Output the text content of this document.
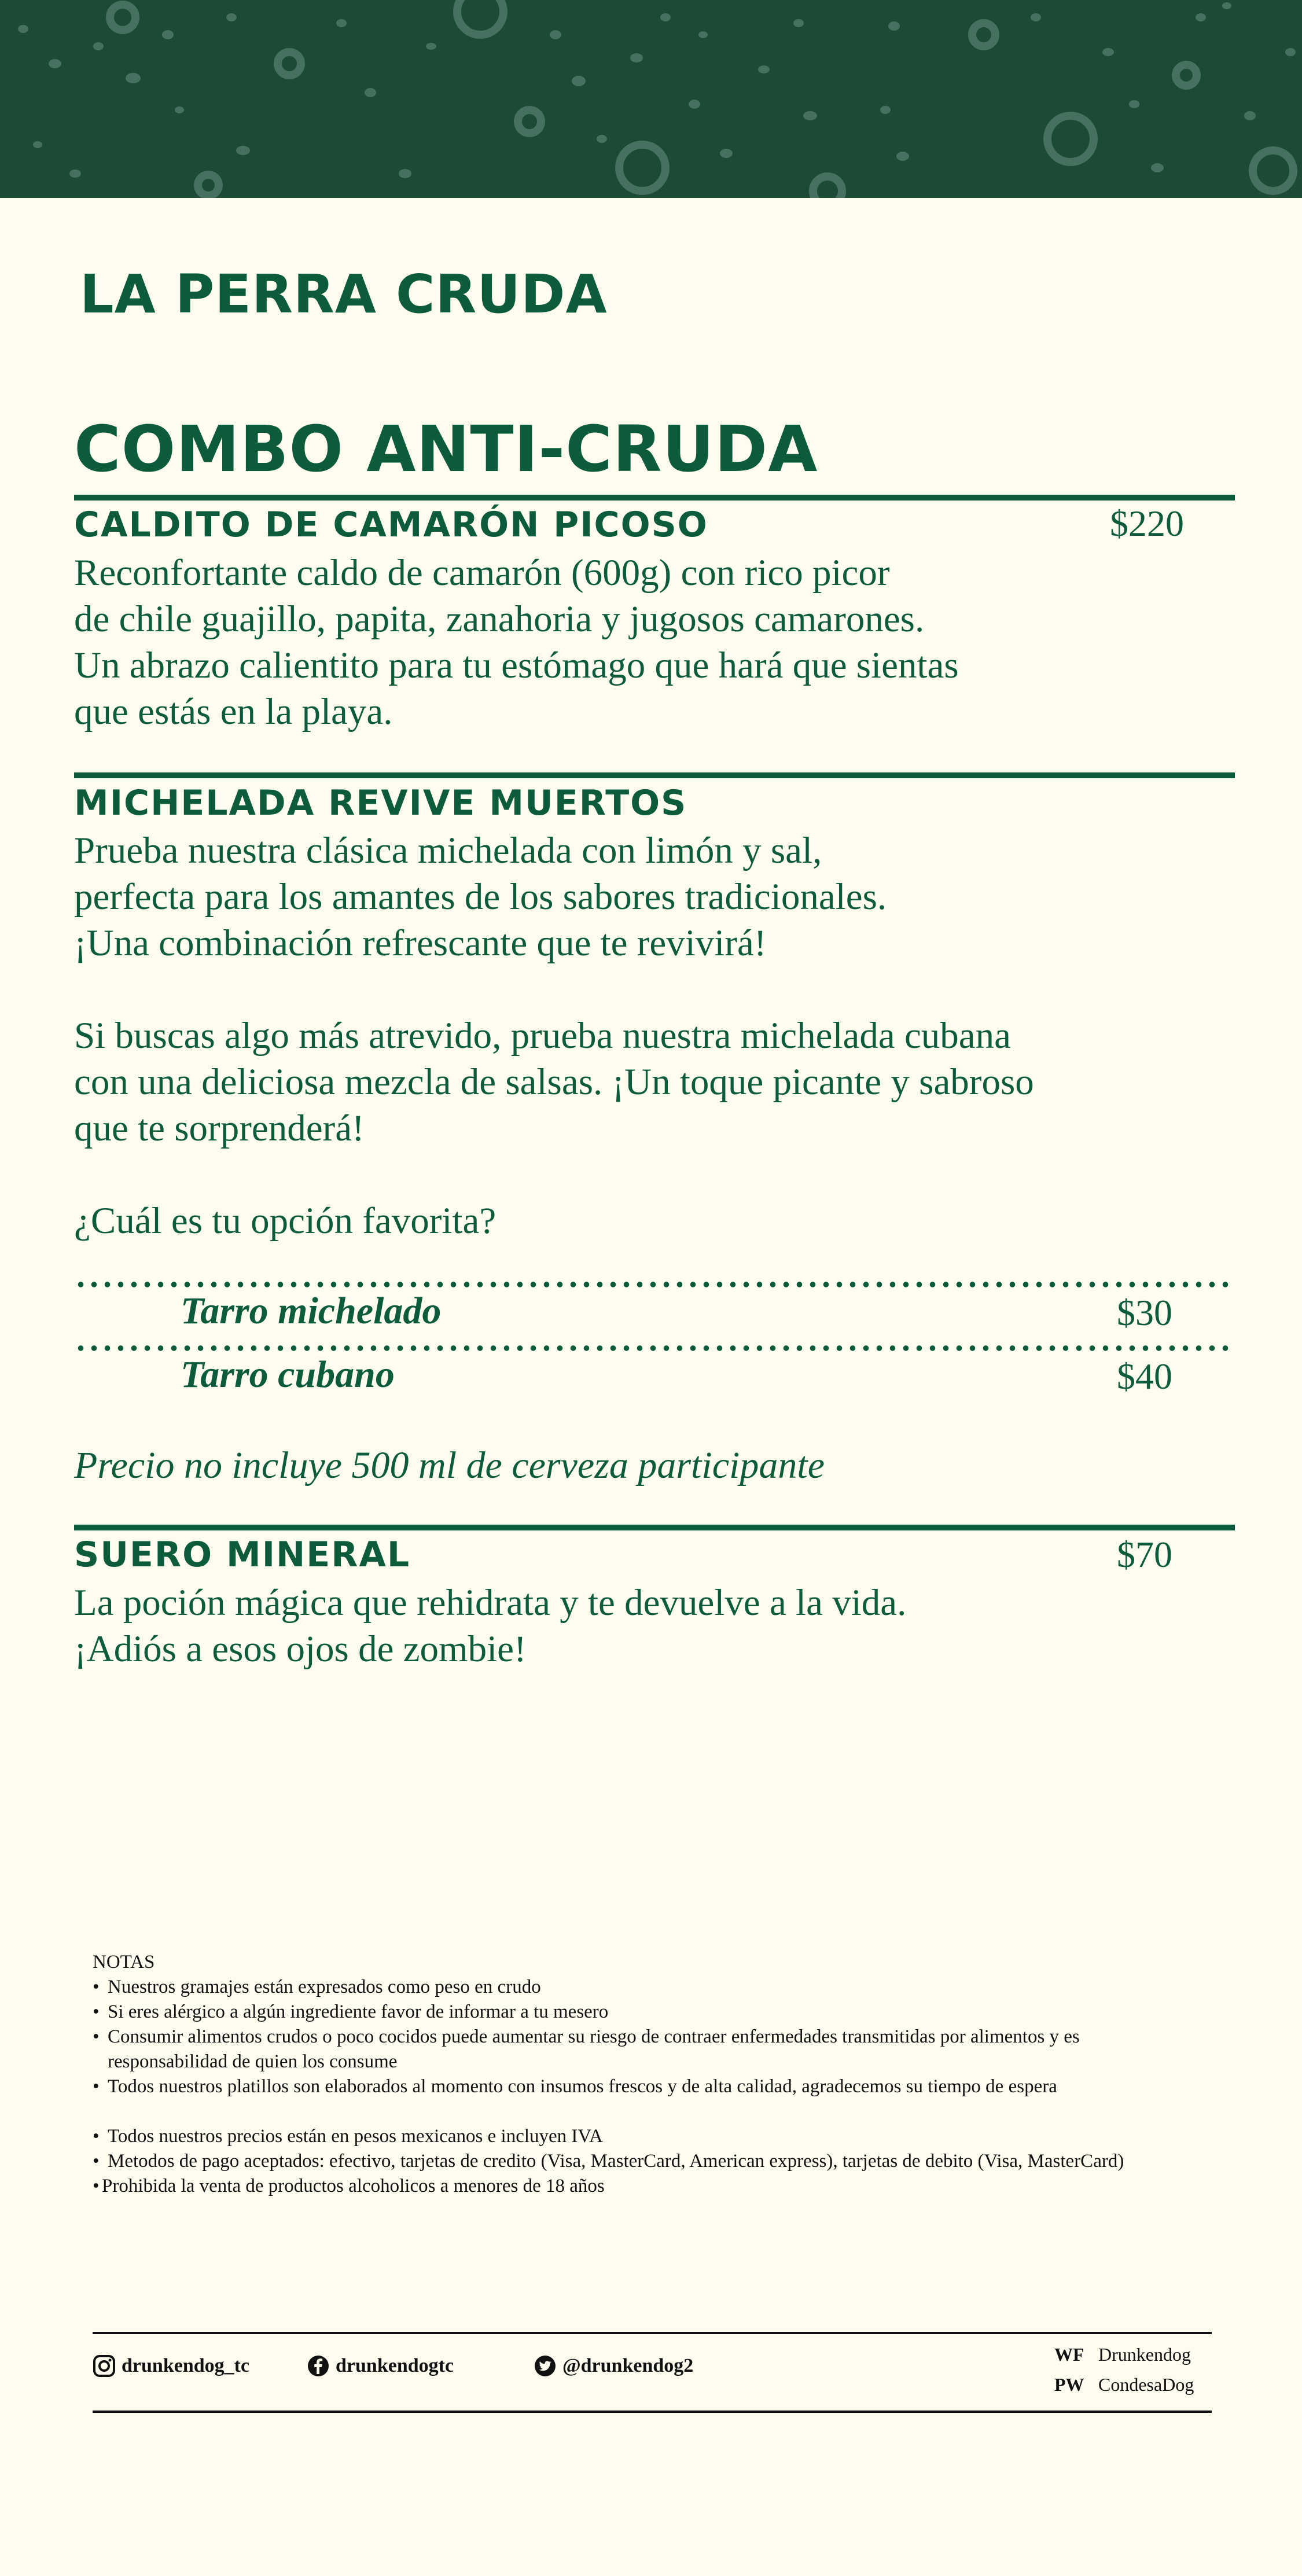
LA PERRA CRUDA
COMBO ANTI-CRUDA
CALDITO DE CAMARÓN PICOSO	$220

Reconfortante caldo de camarón (600g) con rico picor

de chile guajillo, papita, zanahoria y jugosos camarones.

Un abrazo calientito para tu estómago que hará que sientas

que estás en la playa.

MICHELADA REVIVE MUERTOS

Prueba nuestra clásica michelada con limón y sal,

perfecta para los amantes de los sabores tradicionales.

¡Una combinación refrescante que te revivirá!

Si buscas algo más atrevido, prueba nuestra michelada cubana

con una deliciosa mezcla de salsas. ¡Un toque picante y sabroso

que te sorprenderá!

¿Cuál es tu opción favorita?

Tarro michelado	$30
Tarro cubano	$40
Precio no incluye 500 ml de cerveza participante
SUERO MINERAL	$70

La poción mágica que rehidrata y te devuelve a la vida.

¡Adiós a esos ojos de zombie!

NOTAS
• Nuestros gramajes están expresados como peso en crudo
• Si eres alérgico a algún ingrediente favor de informar a tu mesero
• Consumir alimentos crudos o poco cocidos puede aumentar su riesgo de contraer enfermedades transmitidas por alimentos y es responsabilidad de quien los consume
• Todos nuestros platillos son elaborados al momento con insumos frescos y de alta calidad, agradecemos su tiempo de espera
• Todos nuestros precios están en pesos mexicanos e incluyen IVA
• Metodos de pago aceptados: efectivo, tarjetas de credito (Visa, MasterCard, American express), tarjetas de debito (Visa, MasterCard)
• Prohibida la venta de productos alcoholicos a menores de 18 años
drunkendog_tc	drunkendogtc	@drunkendog2
WF Drunkendog
PW CondesaDog
